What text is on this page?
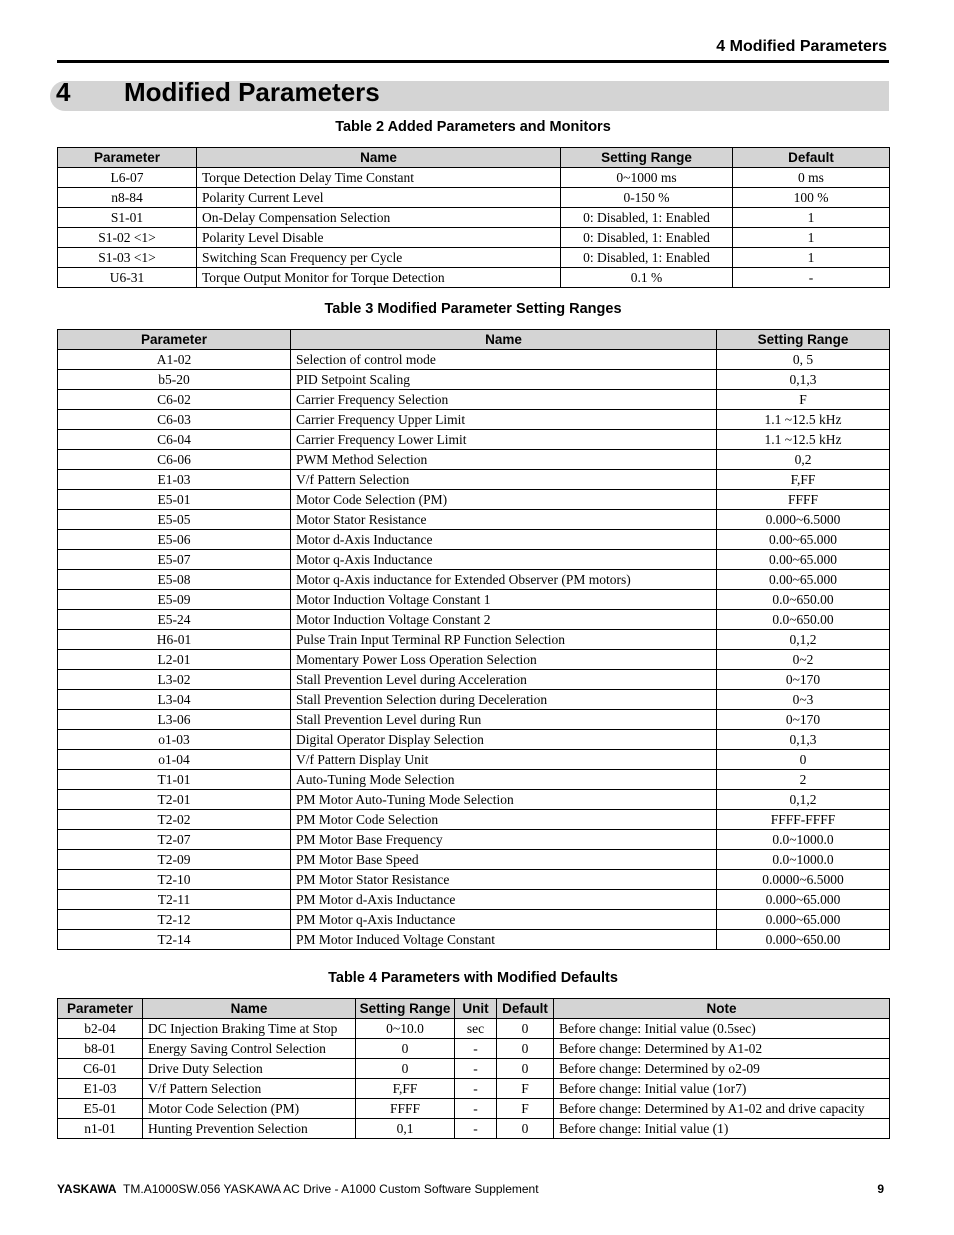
4 Modified Parameters
4 Modified Parameters
Table 2 Added Parameters and Monitors
Parameter	Name	Setting Range	Default
L6-07	Torque Detection Delay Time Constant	0~1000 ms	0 ms
n8-84	Polarity Current Level	0-150 %	100 %
S1-01	On-Delay Compensation Selection	0: Disabled, 1: Enabled	1
S1-02 <1>	Polarity Level Disable	0: Disabled, 1: Enabled	1
S1-03 <1>	Switching Scan Frequency per Cycle	0: Disabled, 1: Enabled	1
U6-31	Torque Output Monitor for Torque Detection	0.1 %	-
Table 3 Modified Parameter Setting Ranges
Parameter	Name	Setting Range
A1-02	Selection of control mode	0, 5
b5-20	PID Setpoint Scaling	0,1,3
C6-02	Carrier Frequency Selection	F
C6-03	Carrier Frequency Upper Limit	1.1 ~12.5 kHz
C6-04	Carrier Frequency Lower Limit	1.1 ~12.5 kHz
C6-06	PWM Method Selection	0,2
E1-03	V/f Pattern Selection	F,FF
E5-01	Motor Code Selection (PM)	FFFF
E5-05	Motor Stator Resistance	0.000~6.5000
E5-06	Motor d-Axis Inductance	0.00~65.000
E5-07	Motor q-Axis Inductance	0.00~65.000
E5-08	Motor q-Axis inductance for Extended Observer (PM motors)	0.00~65.000
E5-09	Motor Induction Voltage Constant 1	0.0~650.00
E5-24	Motor Induction Voltage Constant 2	0.0~650.00
H6-01	Pulse Train Input Terminal RP Function Selection	0,1,2
L2-01	Momentary Power Loss Operation Selection	0~2
L3-02	Stall Prevention Level during Acceleration	0~170
L3-04	Stall Prevention Selection during Deceleration	0~3
L3-06	Stall Prevention Level during Run	0~170
o1-03	Digital Operator Display Selection	0,1,3
o1-04	V/f Pattern Display Unit	0
T1-01	Auto-Tuning Mode Selection	2
T2-01	PM Motor Auto-Tuning Mode Selection	0,1,2
T2-02	PM Motor Code Selection	FFFF-FFFF
T2-07	PM Motor Base Frequency	0.0~1000.0
T2-09	PM Motor Base Speed	0.0~1000.0
T2-10	PM Motor Stator Resistance	0.0000~6.5000
T2-11	PM Motor d-Axis Inductance	0.000~65.000
T2-12	PM Motor q-Axis Inductance	0.000~65.000
T2-14	PM Motor Induced Voltage Constant	0.000~650.00
Table 4 Parameters with Modified Defaults
Parameter	Name	Setting Range	Unit	Default	Note
b2-04	DC Injection Braking Time at Stop	0~10.0	sec	0	Before change: Initial value (0.5sec)
b8-01	Energy Saving Control Selection	0	-	0	Before change: Determined by A1-02
C6-01	Drive Duty Selection	0	-	0	Before change: Determined by o2-09
E1-03	V/f Pattern Selection	F,FF	-	F	Before change: Initial value (1or7)
E5-01	Motor Code Selection (PM)	FFFF	-	F	Before change: Determined by A1-02 and drive capacity
n1-01	Hunting Prevention Selection	0,1	-	0	Before change: Initial value (1)
YASKAWA TM.A1000SW.056 YASKAWA AC Drive - A1000 Custom Software Supplement	9
